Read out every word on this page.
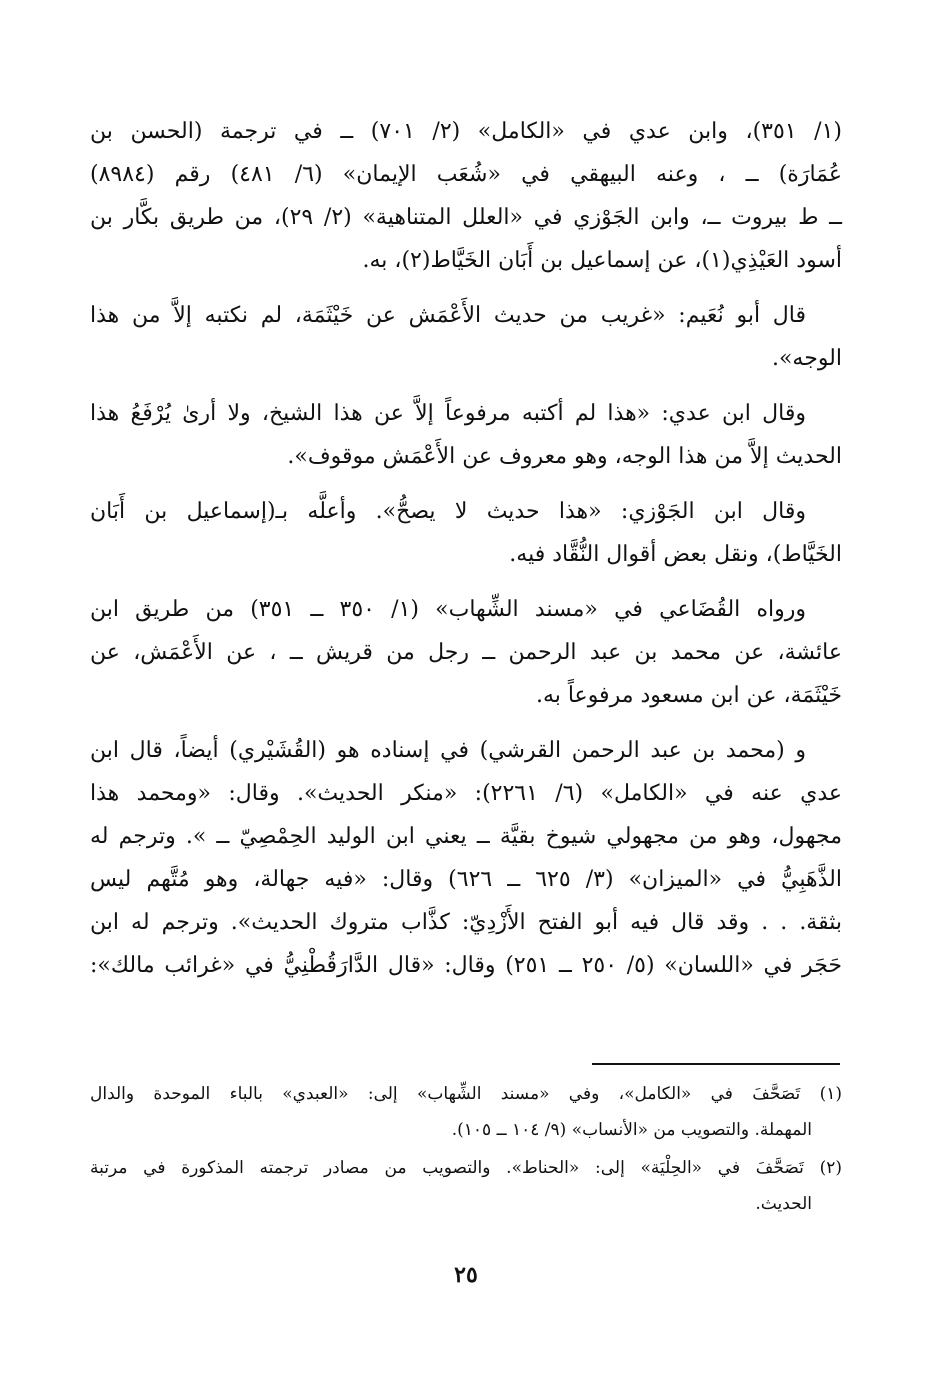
(١/ ٣٥١)، وابن عدي في «الكامل» (٢/ ٧٠١) ــ في ترجمة (الحسن بن
عُمَارَة) ــ ، وعنه البيهقي في «شُعَب الإيمان» (٦/ ٤٨١) رقم (٨٩٨٤)
ــ ط بيروت ــ، وابن الجَوْزي في «العلل المتناهية» (٢/ ٢٩)، من طريق بكَّار بن
أسود العَيْذِي(١)، عن إسماعيل بن أَبَان الخَيَّاط(٢)، به.

قال أبو نُعَيم: «غريب من حديث الأَعْمَش عن خَيْثَمَة، لم نكتبه إلاَّ من هذا
الوجه».

وقال ابن عدي: «هذا لم أكتبه مرفوعاً إلاَّ عن هذا الشيخ، ولا أرىٰ يُرْفَعُ هذا
الحديث إلاَّ من هذا الوجه، وهو معروف عن الأَعْمَش موقوف».

وقال ابن الجَوْزي: «هذا حديث لا يصحُّ». وأعلَّه بـ(إسماعيل بن أَبَان
الخَيَّاط)، ونقل بعض أقوال النُّقَّاد فيه.

ورواه القُضَاعي في «مسند الشِّهاب» (١/ ٣٥٠ ــ ٣٥١) من طريق ابن
عائشة، عن محمد بن عبد الرحمن ــ رجل من قريش ــ ، عن الأَعْمَش، عن
خَيْثَمَة، عن ابن مسعود مرفوعاً به.

و (محمد بن عبد الرحمن القرشي) في إسناده هو (القُشَيْري) أيضاً، قال ابن
عدي عنه في «الكامل» (٦/ ٢٢٦١): «منكر الحديث». وقال: «ومحمد هذا
مجهول، وهو من مجهولي شيوخ بقيَّة ــ يعني ابن الوليد الحِمْصِيّ ــ ». وترجم له
الذَّهَبِيُّ في «الميزان» (٣/ ٦٢٥ ــ ٦٢٦) وقال: «فيه جهالة، وهو مُتَّهم ليس
بثقة. . . وقد قال فيه أبو الفتح الأَزْدِيّ: كذَّاب متروك الحديث». وترجم له ابن
حَجَر في «اللسان» (٥/ ٢٥٠ ــ ٢٥١) وقال: «قال الدَّارَقُطْنِيُّ في «غرائب مالك»:

(١) تَصَحَّفَ في «الكامل»، وفي «مسند الشِّهاب» إلى: «العبدي» بالباء الموحدة والدال
المهملة. والتصويب من «الأنساب» (٩/ ١٠٤ ــ ١٠٥).

(٢) تَصَحَّفَ في «الحِلْيَة» إلى: «الحناط». والتصويب من مصادر ترجمته المذكورة في مرتبة
الحديث.

٢٥
